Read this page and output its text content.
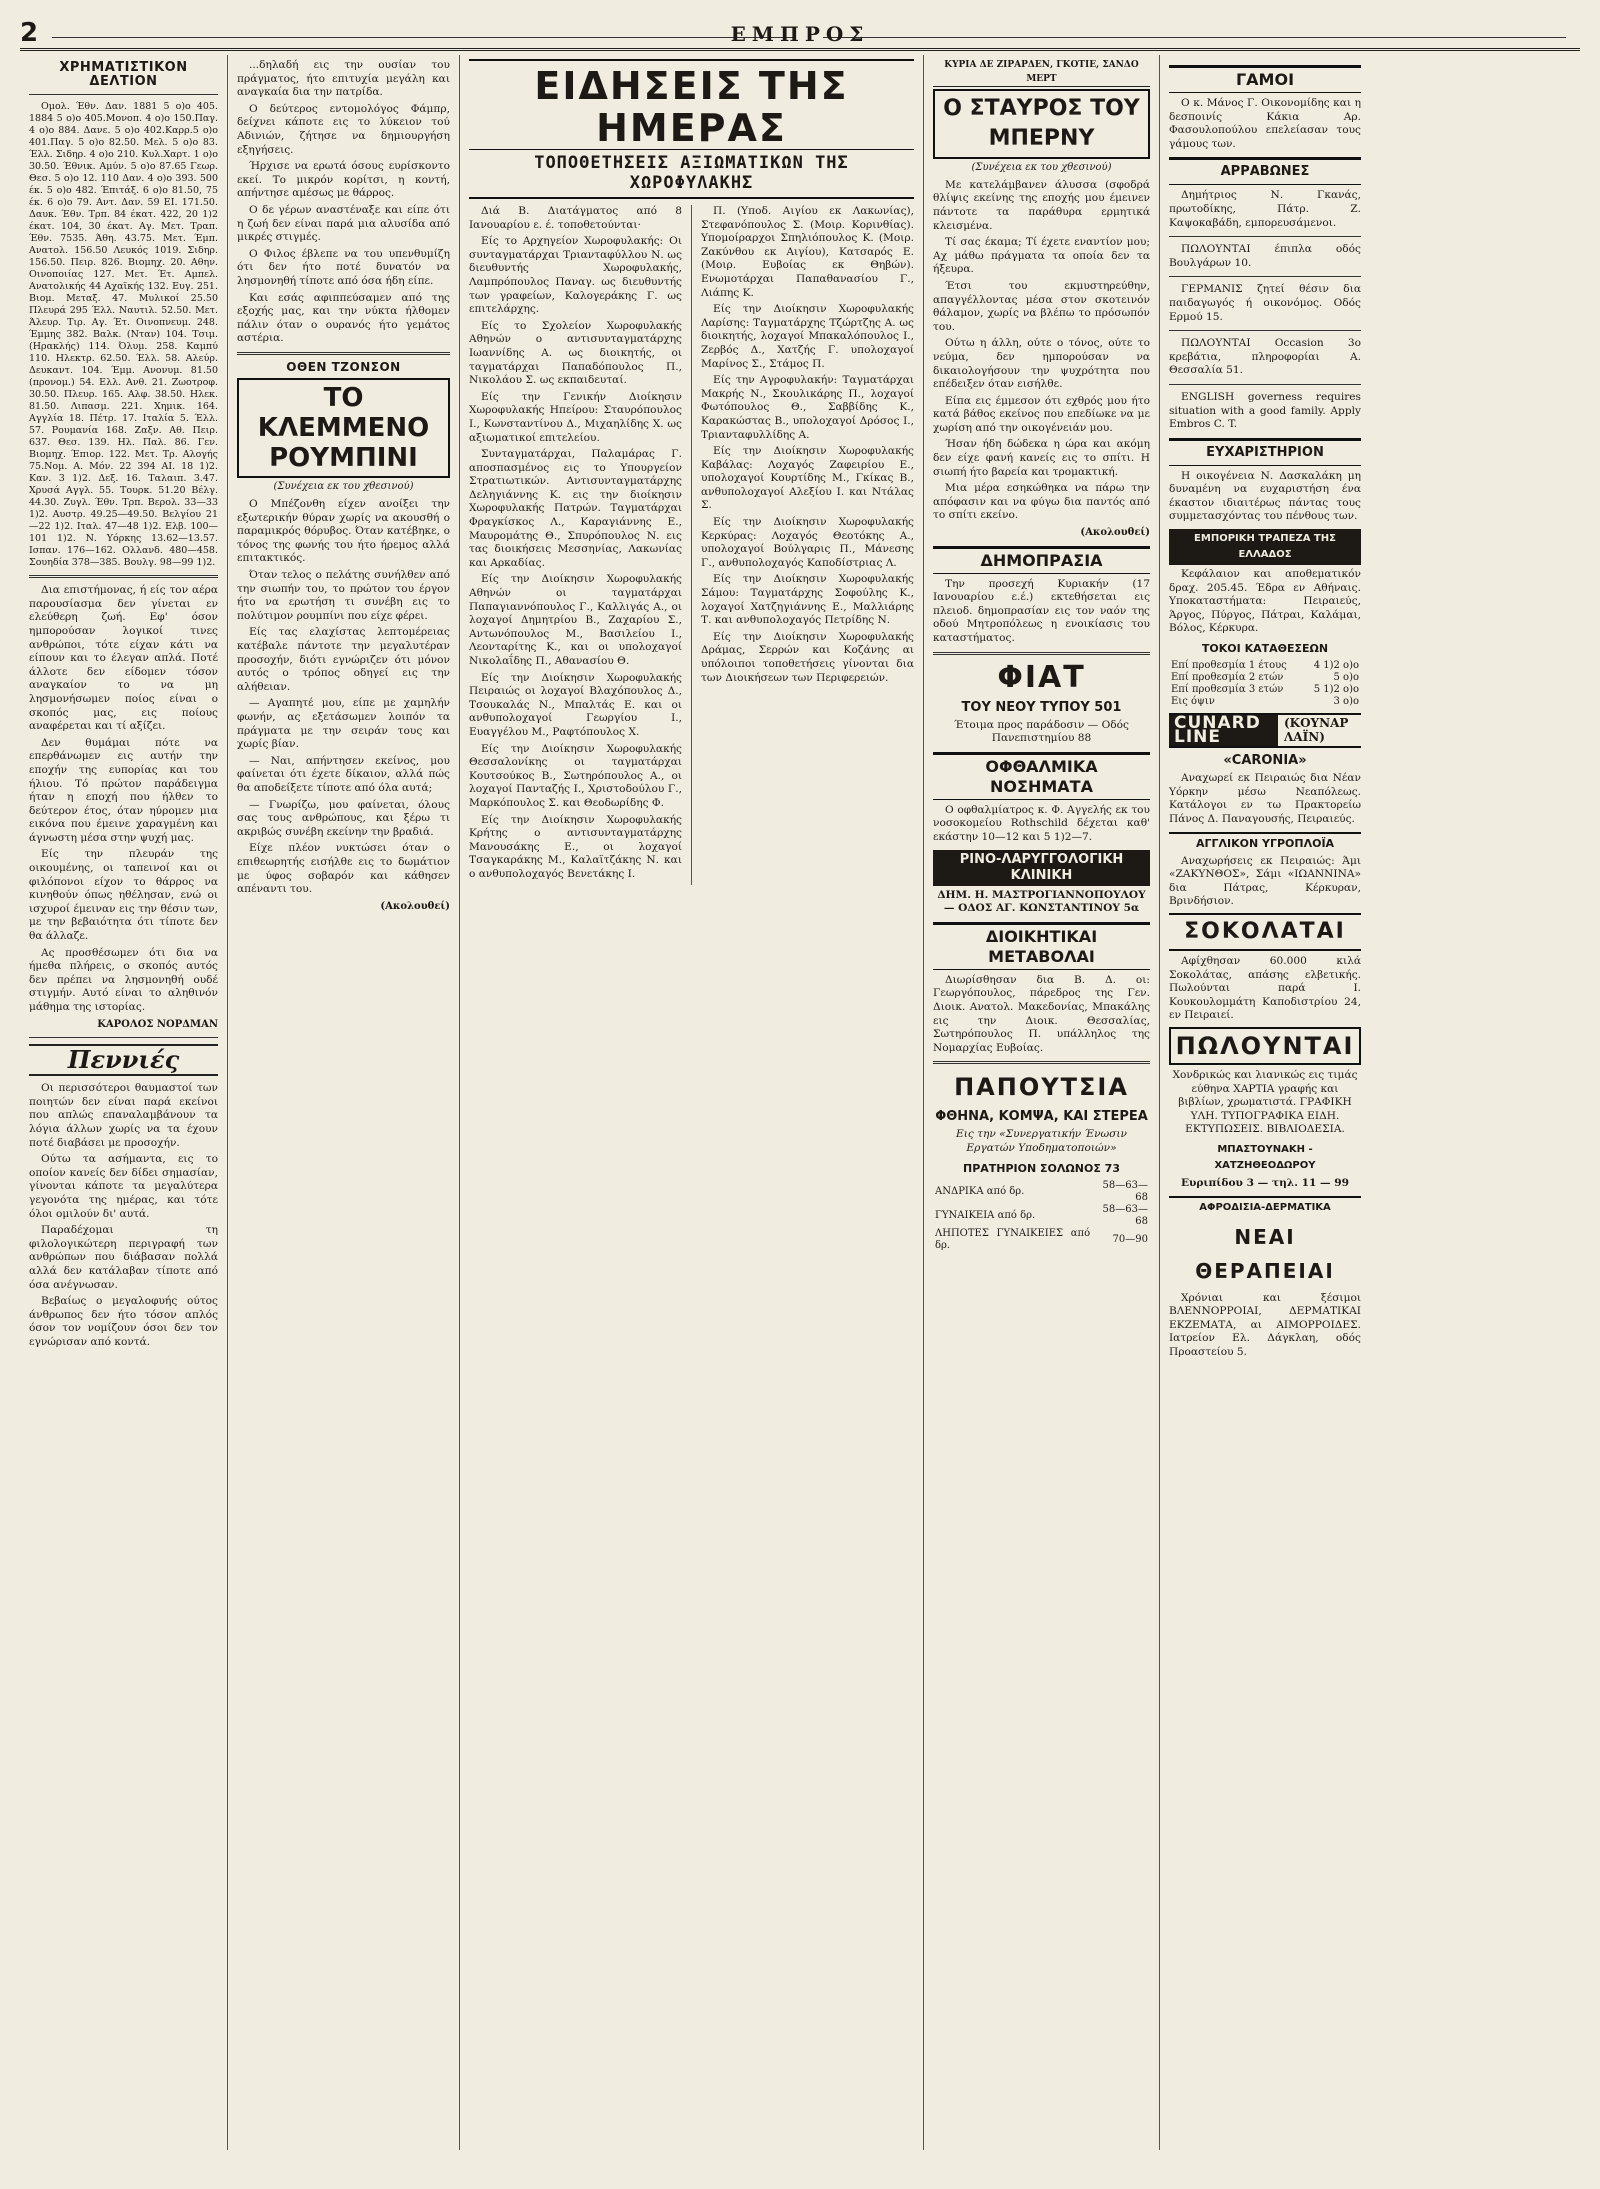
2	ΕΜΠΡΟΣ
ΧΡΗΜΑΤΙΣΤΙΚΟΝ ΔΕΛΤΙΟΝ

Ομολ. Έθν. Δαν. 1881 5 ο)ο 405. 1884 5 ο)ο 405.Μονοπ. 4 ο)ο 150.Παγ. 4 ο)ο 884. Δανε. 5 ο)ο 402.Καρρ.5 ο)ο 401.Παγ. 5 ο)ο 82.50. Μελ. 5 ο)ο 83. Έλλ. Σιδηρ. 4 ο)ο 210. Κυλ.Χαρτ. 1 ο)ο 30.50. Έθνικ. Αμύν. 5 ο)ο 87.65 Γεωρ. Θεσ. 5 ο)ο 12. 110 Δαν. 4 ο)ο 393. 500 έκ. 5 ο)ο 482. Έπιτάξ. 6 ο)ο 81.50, 75 έκ. 6 ο)ο 79. Αντ. Δαν. 59 ΕΙ. 171.50. Δαυκ. Έθν. Τρπ. 84 έκατ. 422, 20 1)2 έκατ. 104, 30 έκατ. Αγ. Μετ. Τραπ. Έθν. 7535. Άθη. 43.75. Μετ. Έμπ. Ανατολ. 156.50 Λευκός 1019. Σιδηρ. 156.50. Πειρ. 826. Βιομηχ. 20. Αθην. Οινοποιίας 127. Μετ. Έτ. Αμπελ. Ανατολικής 44 Αχαϊκής 132. Ευγ. 251. Βιομ. Μεταξ. 47. Μυλικοί 25.50 Πλευρά 295 Έλλ. Ναυτιλ. 52.50. Μετ. Άλευρ. Τιρ. Αγ. Έτ. Οινοπνευμ. 248. Έμμης 382. Βαλκ. (Νταν) 104. Τσιμ. (Ηρακλής) 114. Όλυμ. 258. Καμπύ 110. Ηλεκτρ. 62.50. Έλλ. 58. Αλεύρ. Δευκαντ. 104. Έμμ. Ανονυμ. 81.50 (προνομ.) 54. Ελλ. Ανθ. 21. Ζωοτροφ. 30.50. Πλευρ. 165. Αλφ. 38.50. Ηλεκ. 81.50. Λιπασμ. 221. Χημικ. 164. Αγγλία 18. Πέτρ. 17. Ιταλία 5. Έλλ. 57. Ρουμανία 168. Ζαξν. Αθ. Πειρ. 637. Θεσ. 139. Ηλ. Παλ. 86. Γεν. Βιομηχ. Έπιορ. 122. Μετ. Τρ. Αλογής 75.Νομ. Α. Μόν. 22 394 ΑΙ. 18 1)2. Καν. 3 1)2. Δεξ. 16. Ταλαιπ. 3.47. Χρυσά Αγγλ. 55. Τουρκ. 51.20 Βέλγ. 44.30. Ζυγλ. Έθν. Τρπ. Βερολ. 33—33 1)2. Αυστρ. 49.25—49.50. Βελγίου 21—22 1)2. Ιταλ. 47—48 1)2. Ελβ. 100—101 1)2. Ν. Υόρκης 13.62—13.57. Ισπαν. 176—162. Ολλανδ. 480—458. Σουηδία 378—385. Βουλγ. 98—99 1)2.

Δια επιστήμονας, ή είς τον αέρα παρουσίασμα δεν γίνεται εν ελεύθερη ζωή. Εφ' όσον ημπορούσαν λογικοί τινες ανθρώποι, τότε είχαν κάτι να είπουν και το έλεγαν απλά. Ποτέ άλλοτε δεν είδομεν τόσον αναγκαίον το να μη λησμονήσωμεν ποίος είναι ο σκοπός μας, εις ποίους αναφέρεται και τί αξίζει.

Δεν θυμάμαι πότε να επερθάνωμεν εις αυτήν την εποχήν της ευπορίας και του ήλιου. Τό πρώτον παράδειγμα ήταν η εποχή που ήλθεν το δεύτερον έτος, όταν ηύρομεν μια εικόνα που έμεινε χαραγμένη και άγνωστη μέσα στην ψυχή μας.

Είς την πλευράν της οικουμένης, οι ταπεινοί και οι φιλόπονοι είχον το θάρρος να κινηθούν όπως ηθέλησαν, ενώ οι ισχυροί έμειναν εις την θέσιν των, με την βεβαιότητα ότι τίποτε δεν θα άλλαζε.

Ας προσθέσωμεν ότι δια να ήμεθα πλήρεις, ο σκοπός αυτός δεν πρέπει να λησμονηθή ουδέ στιγμήν. Αυτό είναι το αληθινόν μάθημα της ιστορίας.

ΚΑΡΟΛΟΣ ΝΟΡΔΜΑΝ
Πεννιές

Οι περισσότεροι θαυμαστοί των ποιητών δεν είναι παρά εκείνοι που απλώς επαναλαμβάνουν τα λόγια άλλων χωρίς να τα έχουν ποτέ διαβάσει με προσοχήν.

Ούτω τα ασήμαντα, εις το οποίον κανείς δεν δίδει σημασίαν, γίνονται κάποτε τα μεγαλύτερα γεγονότα της ημέρας, και τότε όλοι ομιλούν δι' αυτά.

Παραδέχομαι τη φιλολογικώτερη περιγραφή των ανθρώπων που διάβασαν πολλά αλλά δεν κατάλαβαν τίποτε από όσα ανέγνωσαν.

Βεβαίως ο μεγαλοφυής ούτος άνθρωπος δεν ήτο τόσον απλός όσον τον νομίζουν όσοι δεν τον εγνώρισαν από κοντά.

...δηλαδή εις την ουσίαν του πράγματος, ήτο επιτυχία μεγάλη και αναγκαία δια την πατρίδα.

Ο δεύτερος εντομολόγος Φάμπρ, δείχνει κάποτε εις το λύκειον τού Αδινιών, ζήτησε να δημιουργήση εξηγήσεις.

Ήρχισε να ερωτά όσους ευρίσκοντο εκεί. Το μικρόν κορίτσι, η κοντή, απήντησε αμέσως με θάρρος.

Ο δε γέρων αναστέναξε και είπε ότι η ζωή δεν είναι παρά μια αλυσίδα από μικρές στιγμές.

Ο Φιλος έβλεπε να του υπενθυμίζη ότι δεν ήτο ποτέ δυνατόν να λησμονηθή τίποτε από όσα ήδη είπε.

Και εσάς αφιππεύσαμεν από της εξοχής μας, και την νύκτα ήλθομεν πάλιν όταν ο ουρανός ήτο γεμάτος αστέρια.

ΟΘΕΝ ΤΖΟΝΣΟΝ
ΤΟ ΚΛΕΜΜΕΝΟ ΡΟΥΜΠΙΝΙ
(Συνέχεια εκ του χθεσινού)

Ο Μπέζονθη είχεν ανοίξει την εξωτερικήν θύραν χωρίς να ακουσθή ο παραμικρός θόρυβος. Όταν κατέβηκε, ο τόνος της φωνής του ήτο ήρεμος αλλά επιτακτικός.

Όταν τελος ο πελάτης συνήλθεν από την σιωπήν του, το πρώτον του έργον ήτο να ερωτήση τι συνέβη εις το πολύτιμον ρουμπίνι που είχε φέρει.

Είς τας ελαχίστας λεπτομέρειας κατέβαλε πάντοτε την μεγαλυτέραν προσοχήν, διότι εγνώριζεν ότι μόνον αυτός ο τρόπος οδηγεί εις την αλήθειαν.

— Αγαπητέ μου, είπε με χαμηλήν φωνήν, ας εξετάσωμεν λοιπόν τα πράγματα με την σειράν τους και χωρίς βίαν.

— Ναι, απήντησεν εκείνος, μου φαίνεται ότι έχετε δίκαιον, αλλά πώς θα αποδείξετε τίποτε από όλα αυτά;

— Γνωρίζω, μου φαίνεται, όλους σας τους ανθρώπους, και ξέρω τι ακριβώς συνέβη εκείνην την βραδιά.

Είχε πλέον νυκτώσει όταν ο επιθεωρητής εισήλθε εις το δωμάτιον με ύφος σοβαρόν και κάθησεν απέναντι του.

(Ακολουθεί)
ΕΙΔΗΣΕΙΣ ΤΗΣ ΗΜΕΡΑΣ
ΤΟΠΟΘΕΤΗΣΕΙΣ ΑΞΙΩΜΑΤΙΚΩΝ ΤΗΣ ΧΩΡΟΦΥΛΑΚΗΣ

Διά Β. Διατάγματος από 8 Ιανουαρίου ε. έ. τοποθετούνται·

Είς το Αρχηγείον Χωροφυλακής: Οι συνταγματάρχαι Τριανταφύλλου Ν. ως διευθυντής Χωροφυλακής, Λαμπρόπουλος Παναγ. ως διευθυντής των γραφείων, Καλογεράκης Γ. ως επιτελάρχης.

Είς το Σχολείον Χωροφυλακής Αθηνών ο αντισυνταγματάρχης Ιωαννίδης Α. ως διοικητής, οι ταγματάρχαι Παπαδόπουλος Π., Νικολάου Σ. ως εκπαιδευταί.

Είς την Γενικήν Διοίκησιν Χωροφυλακής Ηπείρου: Σταυρόπουλος Ι., Κωνσταντίνου Δ., Μιχαηλίδης Χ. ως αξιωματικοί επιτελείου.

Συνταγματάρχαι, Παλαμάρας Γ. αποσπασμένος εις το Υπουργείον Στρατιωτικών. Αντισυνταγματάρχης Δεληγιάννης Κ. εις την διοίκησιν Χωροφυλακής Πατρών. Ταγματάρχαι Φραγκίσκος Λ., Καραγιάννης Ε., Μαυρομάτης Θ., Σπυρόπουλος Ν. εις τας διοικήσεις Μεσσηνίας, Λακωνίας και Αρκαδίας.

Είς την Διοίκησιν Χωροφυλακής Αθηνών οι ταγματάρχαι Παπαγιαννόπουλος Γ., Καλλιγάς Α., οι λοχαγοί Δημητρίου Β., Ζαχαρίου Σ., Αντωνόπουλος Μ., Βασιλείου Ι., Λεονταρίτης Κ., και οι υπολοχαγοί Νικολαΐδης Π., Αθανασίου Θ.

Είς την Διοίκησιν Χωροφυλακής Πειραιώς οι λοχαγοί Βλαχόπουλος Δ., Τσουκαλάς Ν., Μπαλτάς Ε. και οι ανθυπολοχαγοί Γεωργίου Ι., Ευαγγέλου Μ., Ραφτόπουλος Χ.

Είς την Διοίκησιν Χωροφυλακής Θεσσαλονίκης οι ταγματάρχαι Κουτσούκος Β., Σωτηρόπουλος Α., οι λοχαγοί Πανταζής Ι., Χριστοδούλου Γ., Μαρκόπουλος Σ. και Θεοδωρίδης Φ.

Είς την Διοίκησιν Χωροφυλακής Κρήτης ο αντισυνταγματάρχης Μανουσάκης Ε., οι λοχαγοί Τσαγκαράκης Μ., Καλαϊτζάκης Ν. και ο ανθυπολοχαγός Βενετάκης Ι.

Π. (Υποδ. Αιγίου εκ Λακωνίας), Στεφανόπουλος Σ. (Μοιρ. Κορινθίας). Υπομοίραρχοι Σπηλιόπουλος Κ. (Μοιρ. Ζακύνθου εκ Αιγίου), Κατσαρός Ε. (Μοιρ. Ευβοίας εκ Θηβών). Ενωμοτάρχαι Παπαθανασίου Γ., Λιάπης Κ.

Είς την Διοίκησιν Χωροφυλακής Λαρίσης: Ταγματάρχης Τζώρτζης Α. ως διοικητής, λοχαγοί Μπακαλόπουλος Ι., Ζερβός Δ., Χατζής Γ. υπολοχαγοί Μαρίνος Σ., Στάμος Π.

Είς την Αγροφυλακήν: Ταγματάρχαι Μακρής Ν., Σκουλικάρης Π., λοχαγοί Φωτόπουλος Θ., Σαββίδης Κ., Καρακώστας Β., υπολοχαγοί Δρόσος Ι., Τριανταφυλλίδης Α.

Είς την Διοίκησιν Χωροφυλακής Καβάλας: Λοχαγός Ζαφειρίου Ε., υπολοχαγοί Κουρτίδης Μ., Γκίκας Β., ανθυπολοχαγοί Αλεξίου Ι. και Ντάλας Σ.

Είς την Διοίκησιν Χωροφυλακής Κερκύρας: Λοχαγός Θεοτόκης Α., υπολοχαγοί Βούλγαρις Π., Μάνεσης Γ., ανθυπολοχαγός Καποδίστριας Λ.

Είς την Διοίκησιν Χωροφυλακής Σάμου: Ταγματάρχης Σοφούλης Κ., λοχαγοί Χατζηγιάννης Ε., Μαλλιάρης Τ. και ανθυπολοχαγός Πετρίδης Ν.

Είς την Διοίκησιν Χωροφυλακής Δράμας, Σερρών και Κοζάνης αι υπόλοιποι τοποθετήσεις γίνονται δια των Διοικήσεων των Περιφερειών.

ΚΥΡΙΑ ΔΕ ΖΙΡΑΡΔΕΝ, ΓΚΟΤΙΕ, ΣΑΝΔΟ ΜΕΡΤ
Ο ΣΤΑΥΡΟΣ ΤΟΥ ΜΠΕΡΝΥ
(Συνέχεια εκ του χθεσινού)

Με κατελάμβανεν άλυσσα (σφοδρά θλίψις εκείνης της εποχής μου έμεινεν πάντοτε τα παράθυρα ερμητικά κλεισμένα.

Τί σας έκαμα; Τί έχετε εναντίον μου; Αχ μάθω πράγματα τα οποία δεν τα ήξευρα.

Έτσι του εκμυστηρεύθην, απαγγέλλοντας μέσα στον σκοτεινόν θάλαμον, χωρίς να βλέπω το πρόσωπόν του.

Ούτω η άλλη, ούτε ο τόνος, ούτε το νεύμα, δεν ημπορούσαν να δικαιολογήσουν την ψυχρότητα που επέδειξεν όταν εισήλθε.

Είπα εις έμμεσον ότι εχθρός μου ήτο κατά βάθος εκείνος που επεδίωκε να με χωρίση από την οικογένειάν μου.

Ήσαν ήδη δώδεκα η ώρα και ακόμη δεν είχε φανή κανείς εις το σπίτι. Η σιωπή ήτο βαρεία και τρομακτική.

Μια μέρα εσηκώθηκα να πάρω την απόφασιν και να φύγω δια παντός από το σπίτι εκείνο.

(Ακολουθεί)
ΔΗΜΟΠΡΑΣΙΑ

Την προσεχή Κυριακήν (17 Ιανουαρίου ε.έ.) εκτεθήσεται εις πλειοδ. δημοπρασίαν εις τον ναόν της οδού Μητροπόλεως η ενοικίασις του καταστήματος.

ΦΙΑΤ
ΤΟΥ ΝΕΟΥ ΤΥΠΟΥ 501

Έτοιμα προς παράδοσιν — Οδός Πανεπιστημίου 88

ΟΦΘΑΛΜΙΚΑ ΝΟΣΗΜΑΤΑ

Ο οφθαλμίατρος κ. Φ. Αγγελής εκ του νοσοκομείου Rothschild δέχεται καθ' εκάστην 10—12 και 5 1)2—7.

ΡΙΝΟ-ΛΑΡΥΓΓΟΛΟΓΙΚΗ ΚΛΙΝΙΚΗ

ΔΗΜ. Η. ΜΑΣΤΡΟΓΙΑΝΝΟΠΟΥΛΟΥ — ΟΔΟΣ ΑΓ. ΚΩΝΣΤΑΝΤΙΝΟΥ 5α

ΔΙΟΙΚΗΤΙΚΑΙ ΜΕΤΑΒΟΛΑΙ

Διωρίσθησαν δια Β. Δ. οι: Γεωργόπουλος, πάρεδρος της Γεν. Διοικ. Ανατολ. Μακεδονίας, Μπακάλης εις την Διοικ. Θεσσαλίας, Σωτηρόπουλος Π. υπάλληλος της Νομαρχίας Ευβοίας.

ΠΑΠΟΥΤΣΙΑ
ΦΘΗΝΑ, ΚΟΜΨΑ, ΚΑΙ ΣΤΕΡΕΑ

Εις την «Συνεργατικήν Ένωσιν Εργατών Υποδηματοποιών»

ΠΡΑΤΗΡΙΟΝ ΣΟΛΩΝΟΣ 73
ΑΝΔΡΙΚΑ από δρ.	58—63—68
ΓΥΝΑΙΚΕΙΑ από δρ.	58—63—68
ΛΗΠΟΤΕΣ ΓΥΝΑΙΚΕΙΕΣ από δρ.	70—90
ΓΑΜΟΙ

Ο κ. Μάνος Γ. Οικονομίδης και η δεσποινίς Κάκια Αρ. Φασουλοπούλου επελείασαν τους γάμους των.

ΑΡΡΑΒΩΝΕΣ

Δημήτριος Ν. Γκανάς, πρωτοδίκης, Πάτρ. Ζ. Καψοκαβάδη, εμπορευσάμενοι.

ΠΩΛΟΥΝΤΑΙ έπιπλα οδός Βουλγάρων 10.

ΓΕΡΜΑΝΙΣ ζητεί θέσιν δια παιδαγωγός ή οικονόμος. Οδός Ερμού 15.

ΠΩΛΟΥΝΤΑΙ Occasion 3ο κρεβάτια, πληροφορίαι Α. Θεσσαλία 51.

ENGLISH governess requires situation with a good family. Apply Embros C. T.

ΕΥΧΑΡΙΣΤΗΡΙΟΝ

Η οικογένεια Ν. Δασκαλάκη μη δυναμένη να ευχαριστήση ένα έκαστον ιδιαιτέρως πάντας τους συμμετασχόντας του πένθους των.

ΕΜΠΟΡΙΚΗ ΤΡΑΠΕΖΑ ΤΗΣ ΕΛΛΑΔΟΣ

Κεφάλαιον και αποθεματικόν δραχ. 205.45. Έδρα εν Αθήναις. Υποκαταστήματα: Πειραιεύς, Άργος, Πύργος, Πάτραι, Καλάμαι, Βόλος, Κέρκυρα.

ΤΟΚΟΙ ΚΑΤΑΘΕΣΕΩΝ
Επί προθεσμία 1 έτους	4 1)2 ο)ο
Επί προθεσμία 2 ετών	5 ο)ο
Επί προθεσμία 3 ετών	5 1)2 ο)ο
Εις όψιν	3 ο)ο
CUNARD LINE
(ΚΟΥΝΑΡ ΛΑΪΝ)
«CARONIA»

Αναχωρεί εκ Πειραιώς δια Νέαν Υόρκην μέσω Νεαπόλεως. Κατάλογοι εν τω Πρακτορείω Πάνος Δ. Παναγουσής, Πειραιεύς.

ΑΓΓΛΙΚΟΝ ΥΓΡΟΠΛΟΪΑ

Αναχωρήσεις εκ Πειραιώς: Άμι «ΖΑΚΥΝΘΟΣ», Σάμι «ΙΩΑΝΝΙΝΑ» δια Πάτρας, Κέρκυραν, Βρινδήσιον.

ΣΟΚΟΛΑΤΑΙ

Αφίχθησαν 60.000 κιλά Σοκολάτας, απάσης ελβετικής. Πωλούνται παρά Ι. Κουκουλομμάτη Καποδιστρίου 24, εν Πειραιεί.

ΠΩΛΟΥΝΤΑΙ

Χονδρικώς και λιανικώς εις τιμάς εύθηνα ΧΑΡΤΙΑ γραφής και βιβλίων, χρωματιστά. ΓΡΑΦΙΚΗ ΥΛΗ. ΤΥΠΟΓΡΑΦΙΚΑ ΕΙΔΗ. ΕΚΤΥΠΩΣΕΙΣ. ΒΙΒΛΙΟΔΕΣΙΑ.

ΜΠΑΣΤΟΥΝΑΚΗ - ΧΑΤΖΗΘΕΟΔΩΡΟΥ

Ευριπίδου 3 — τηλ. 11 — 99

ΑΦΡΟΔΙΣΙΑ-ΔΕΡΜΑΤΙΚΑ
ΝΕΑΙ ΘΕΡΑΠΕΙΑΙ

Χρόνιαι και ξέσιμοι ΒΛΕΝΝΟΡΡΟΙΑΙ, ΔΕΡΜΑΤΙΚΑΙ ΕΚΖΕΜΑΤΑ, αι ΑΙΜΟΡΡΟΙΔΕΣ. Ιατρείον Ελ. Δάγκλαη, οδός Προαστείου 5.
